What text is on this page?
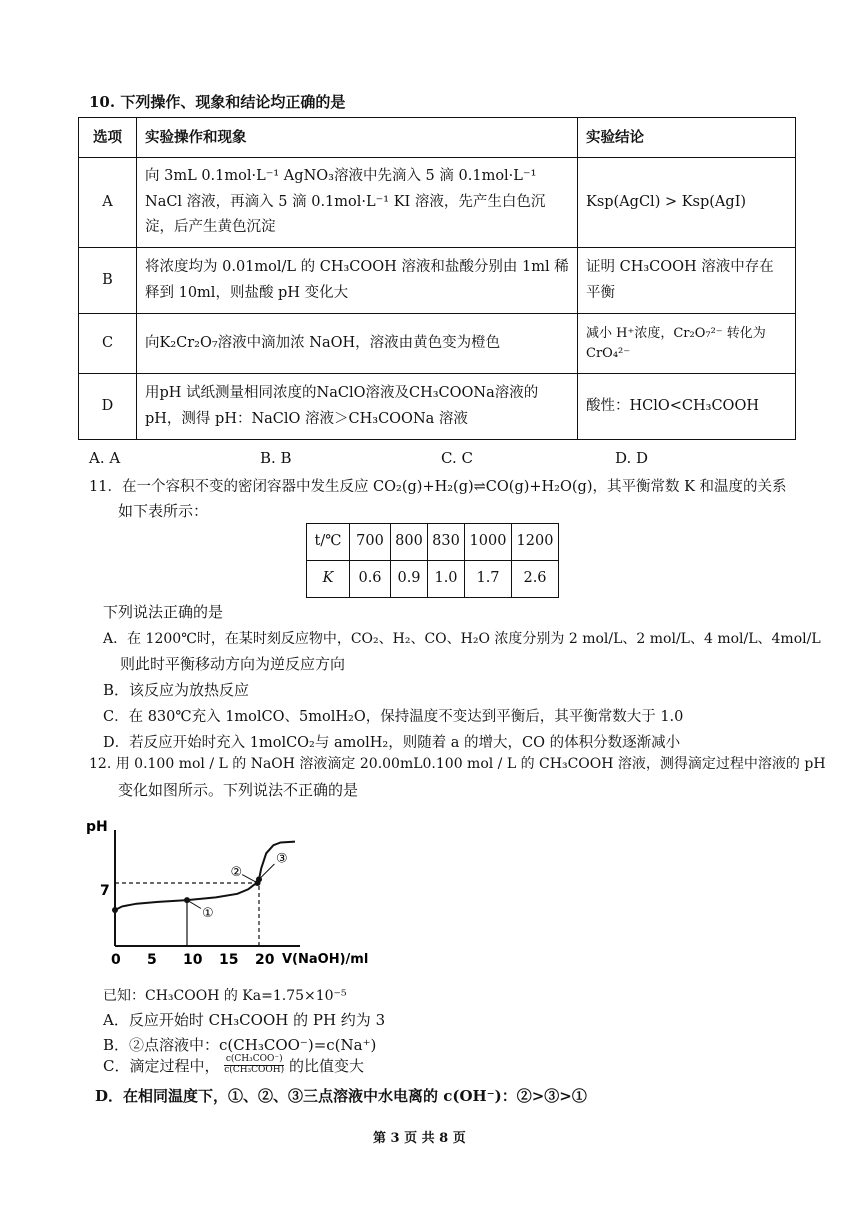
10. 下列操作、现象和结论均正确的是
选项	实验操作和现象	实验结论
A	向 3mL 0.1mol·L⁻¹ AgNO₃溶液中先滴入 5 滴 0.1mol·L⁻¹ NaCl 溶液，再滴入 5 滴 0.1mol·L⁻¹ KI 溶液，先产生白色沉淀，后产生黄色沉淀	Ksp(AgCl) > Ksp(AgI)
B	将浓度均为 0.01mol/L 的 CH₃COOH 溶液和盐酸分别由 1ml 稀释到 10ml，则盐酸 pH 变化大	证明 CH₃COOH 溶液中存在平衡
C	向K₂Cr₂O₇溶液中滴加浓 NaOH，溶液由黄色变为橙色	减小 H⁺浓度，Cr₂O₇²⁻ 转化为 CrO₄²⁻
D	用pH 试纸测量相同浓度的NaClO溶液及CH₃COONa溶液的pH，测得 pH：NaClO 溶液＞CH₃COONa 溶液	酸性：HClO<CH₃COOH
A. A	B. B	C. C	D. D
11．在一个容积不变的密闭容器中发生反应 CO₂(g)+H₂(g)⇌CO(g)+H₂O(g)，其平衡常数 K 和温度的关系
如下表所示：
t/℃	700	800	830	1000	1200
K	0.6	0.9	1.0	1.7	2.6
下列说法正确的是
A．在 1200℃时，在某时刻反应物中，CO₂、H₂、CO、H₂O 浓度分别为 2 mol/L、2 mol/L、4 mol/L、4mol/L
则此时平衡移动方向为逆反应方向
B．该反应为放热反应
C．在 830℃充入 1molCO、5molH₂O，保持温度不变达到平衡后，其平衡常数大于 1.0
D．若反应开始时充入 1molCO₂与 amolH₂，则随着 a 的增大，CO 的体积分数逐渐减小
12. 用 0.100 mol / L 的 NaOH 溶液滴定 20.00mL0.100 mol / L 的 CH₃COOH 溶液，测得滴定过程中溶液的 pH
变化如图所示。下列说法不正确的是
pH
7
0 5 10 15 20 V(NaOH)/ml
①
②
③
已知：CH₃COOH 的 Ka=1.75×10⁻⁵
A．反应开始时 CH₃COOH 的 PH 约为 3
B．②点溶液中：c(CH₃COO⁻)=c(Na⁺)
C．滴定过程中， c(CH₃COO⁻)
c(CH₃COOH) 的比值变大
D．在相同温度下，①、②、③三点溶液中水电离的 c(OH⁻)：②>③>①
第 3 页 共 8 页
